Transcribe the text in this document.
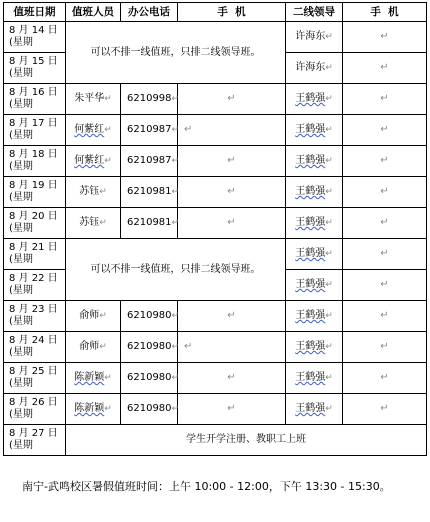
值班日期	值班人员	办公电话	手  机	二线领导	手  机

8 月 14 日
(星期	可以不排一线值班，只排二线领导班。			许海东↵	↵

8 月 15 日
(星期				许海东↵	↵

8 月 16 日
(星期	朱平华↵	6210998↵	↵	王鹤强↵	↵

8 月 17 日
(星期	何紫红↵	6210987↵	↵	王鹤强↵	↵

8 月 18 日
(星期	何紫红↵	6210987↵	↵	王鹤强↵	↵

8 月 19 日
(星期	苏钰↵	6210981↵	↵	王鹤强↵	↵

8 月 20 日
(星期	苏钰↵	6210981↵	↵	王鹤强↵	↵

8 月 21 日
(星期	可以不排一线值班，只排二线领导班。			王鹤强↵	↵

8 月 22 日
(星期				王鹤强↵	↵

8 月 23 日
(星期	俞师↵	6210980↵	↵	王鹤强↵	↵

8 月 24 日
(星期	俞师↵	6210980↵	↵	王鹤强↵	↵

8 月 25 日
(星期	陈新颖↵	6210980↵	↵	王鹤强↵	↵

8 月 26 日
(星期	陈新颖↵	6210980↵	↵	王鹤强↵	↵

8 月 27 日
(星期	学生开学注册、教职工上班				
南宁-武鸣校区暑假值班时间：上午 10:00 - 12:00，下午 13:30 - 15:30。
